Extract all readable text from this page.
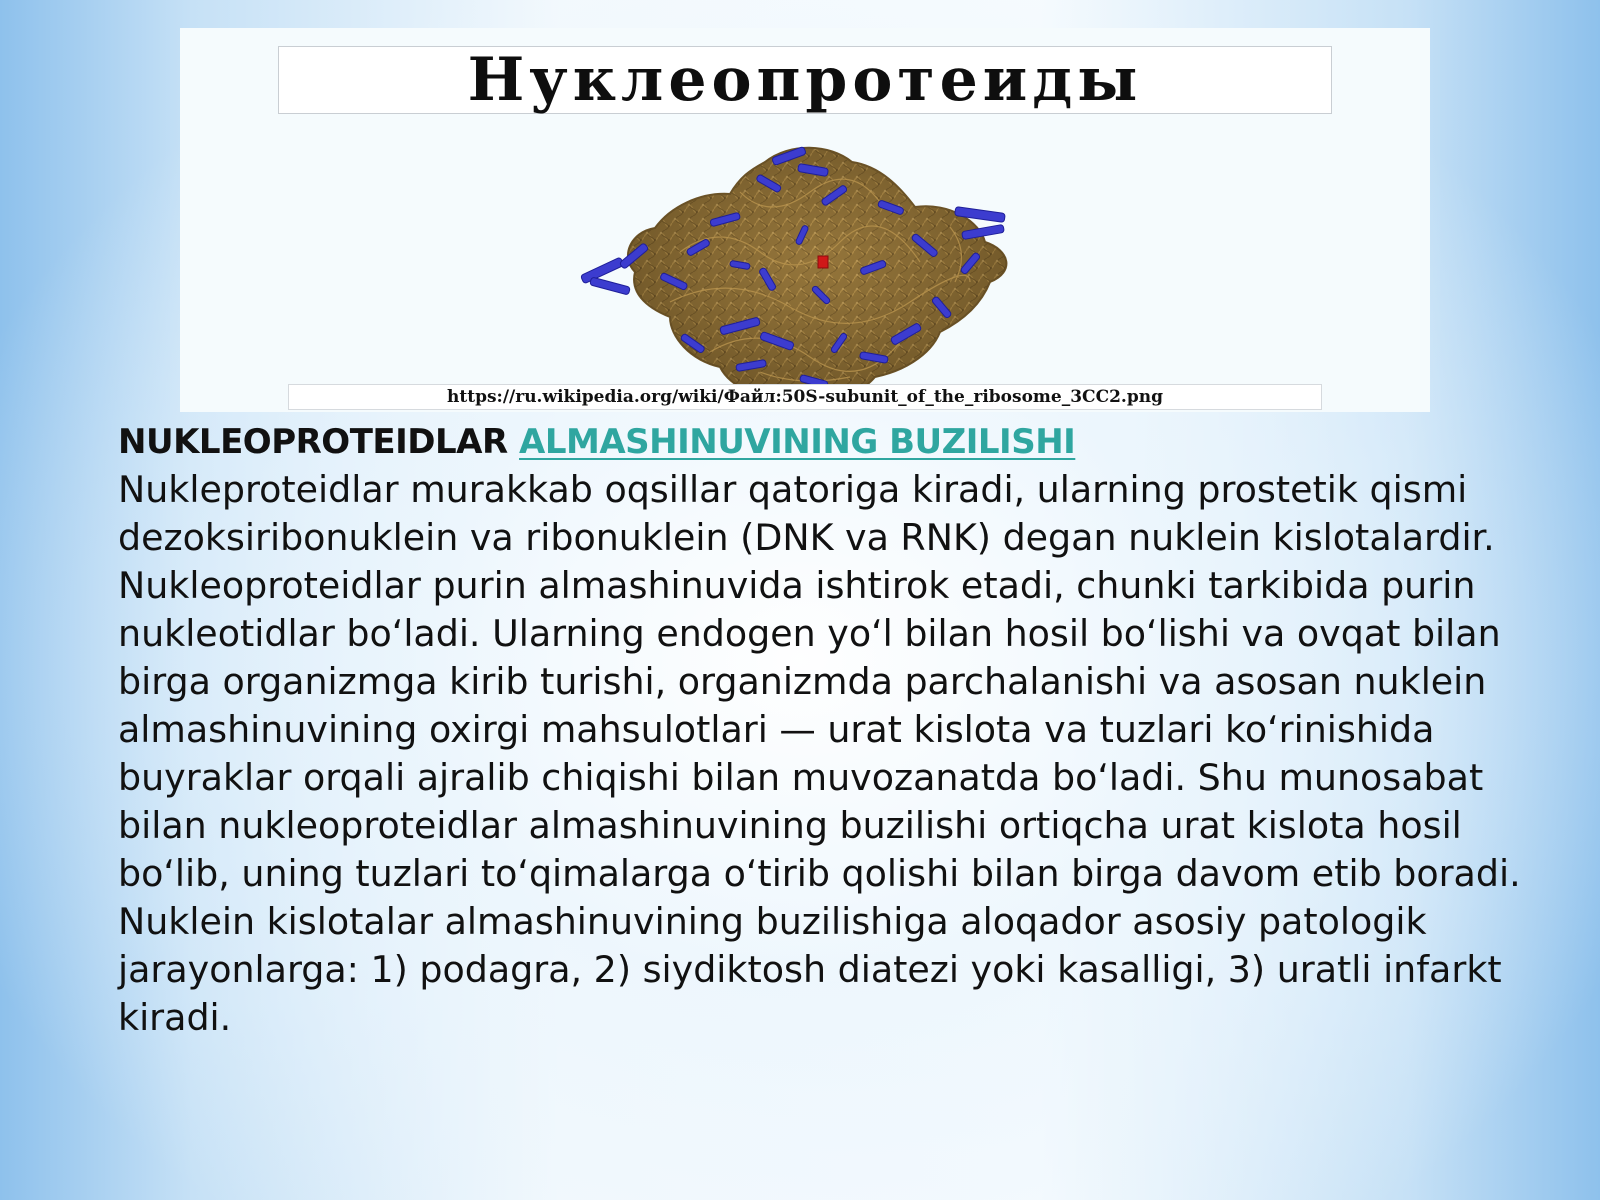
Нуклеопротеиды
https://ru.wikipedia.org/wiki/Файл:50S-subunit_of_the_ribosome_3CC2.png
NUKLEOPROTEIDLAR ALMASHINUVINING BUZILISHI
Nukleproteidlar murakkab oqsillar qatoriga kiradi, ularning prostetik qismi
dezoksiribonuklein va ribonuklein (DNK va RNK) degan nuklein kislotalardir.
Nukleoproteidlar purin almashinuvida ishtirok etadi, chunki tarkibida purin
nukleotidlar boʻladi. Ularning endogen yoʻl bilan hosil boʻlishi va ovqat bilan
birga organizmga kirib turishi, organizmda parchalanishi va asosan nuklein
almashinuvining oxirgi mahsulotlari — urat kislota va tuzlari koʻrinishida
buyraklar orqali ajralib chiqishi bilan muvozanatda boʻladi. Shu munosabat
bilan nukleoproteidlar almashinuvining buzilishi ortiqcha urat kislota hosil
boʻlib, uning tuzlari toʻqimalarga oʻtirib qolishi bilan birga davom etib boradi.
Nuklein kislotalar almashinuvining buzilishiga aloqador asosiy patologik
jarayonlarga: 1) podagra, 2) siydiktosh diatezi yoki kasalligi, 3) uratli infarkt
kiradi.
